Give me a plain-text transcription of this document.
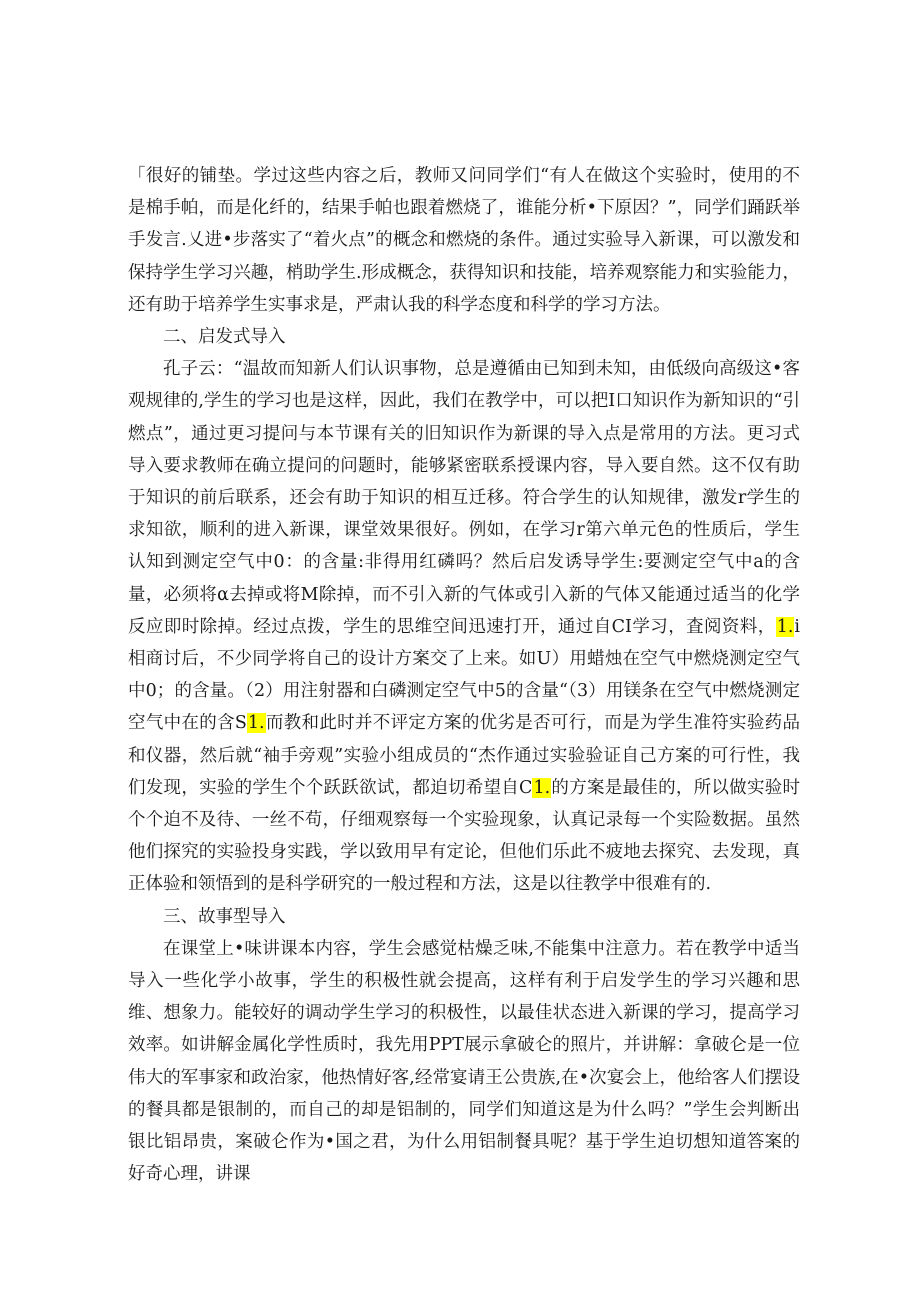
「很好的铺垫。学过这些内容之后，教师又问同学们“有人在做这个实验时，使用的不是棉手帕，而是化纤的，结果手帕也跟着燃烧了，谁能分析•下原因？”，同学们踊跃举手发言.乂进•步落实了“着火点”的概念和燃烧的条件。通过实验导入新课，可以激发和保持学生学习兴趣，梢助学生.形成概念，获得知识和技能，培养观察能力和实验能力，还有助于培养学生实事求是，严肃认我的科学态度和科学的学习方法。

二、启发式导入

孔子云：“温故而知新人们认识事物，总是遵循由已知到未知，由低级向高级这•客观规律的,学生的学习也是这样，因此，我们在教学中，可以把I口知识作为新知识的“引燃点”，通过更习提问与本节课有关的旧知识作为新课的导入点是常用的方法。更习式导入要求教师在确立提问的问题时，能够紧密联系授课内容，导入要自然。这不仅有助于知识的前后联系，还会有助于知识的相互迁移。符合学生的认知规律，激发r学生的求知欲，顺利的进入新课，课堂效果很好。例如，在学习r第六单元色的性质后，学生认知到测定空气中0：的含量:非得用红磷吗？然后启发诱导学生:要测定空气中a的含量，必须将α去掉或将M除掉，而不引入新的气体或引入新的气体又能通过适当的化学反应即时除掉。经过点拨，学生的思维空间迅速打开，通过自CI学习，査阅资料，1.i相商讨后，不少同学将自己的设计方案交了上来。如U）用蜡烛在空气中燃烧测定空气中0；的含量。（2）用注射器和白磷测定空气中5的含量“（3）用镁条在空气中燃烧测定空气中在的含S1.而教和此时并不评定方案的优劣是否可行，而是为学生准符实验药品和仪器，然后就“袖手旁观”实验小组成员的“杰作通过实验验证自己方案的可行性，我们发现，实验的学生个个跃跃欲试，都迫切希望自C1.的方案是最佳的，所以做实验时个个迫不及待、一丝不苟，仔细观察每一个实验现象，认真记录每一个实险数据。虽然他们探究的实验投身实践，学以致用早有定论，但他们乐此不疲地去探究、去发现，真正体验和领悟到的是科学研究的一般过程和方法，这是以往教学中很难有的.

三、故事型导入

在课堂上•味讲课本内容，学生会感觉枯燥乏味,不能集中注意力。若在教学中适当导入一些化学小故事，学生的积极性就会提高，这样有利于启发学生的学习兴趣和思维、想象力。能较好的调动学生学习的积极性，以最佳状态进入新课的学习，提高学习效率。如讲解金属化学性质时，我先用PPT展示拿破仑的照片，并讲解：拿破仑是一位伟大的军事家和政治家，他热情好客,经常宴请王公贵族,在•次宴会上，他给客人们摆设的餐具都是银制的，而自己的却是铝制的，同学们知道这是为什么吗？”学生会判断出银比铝昂贵，案破仑作为•国之君，为什么用铝制餐具呢？基于学生迫切想知道答案的好奇心理，讲课
